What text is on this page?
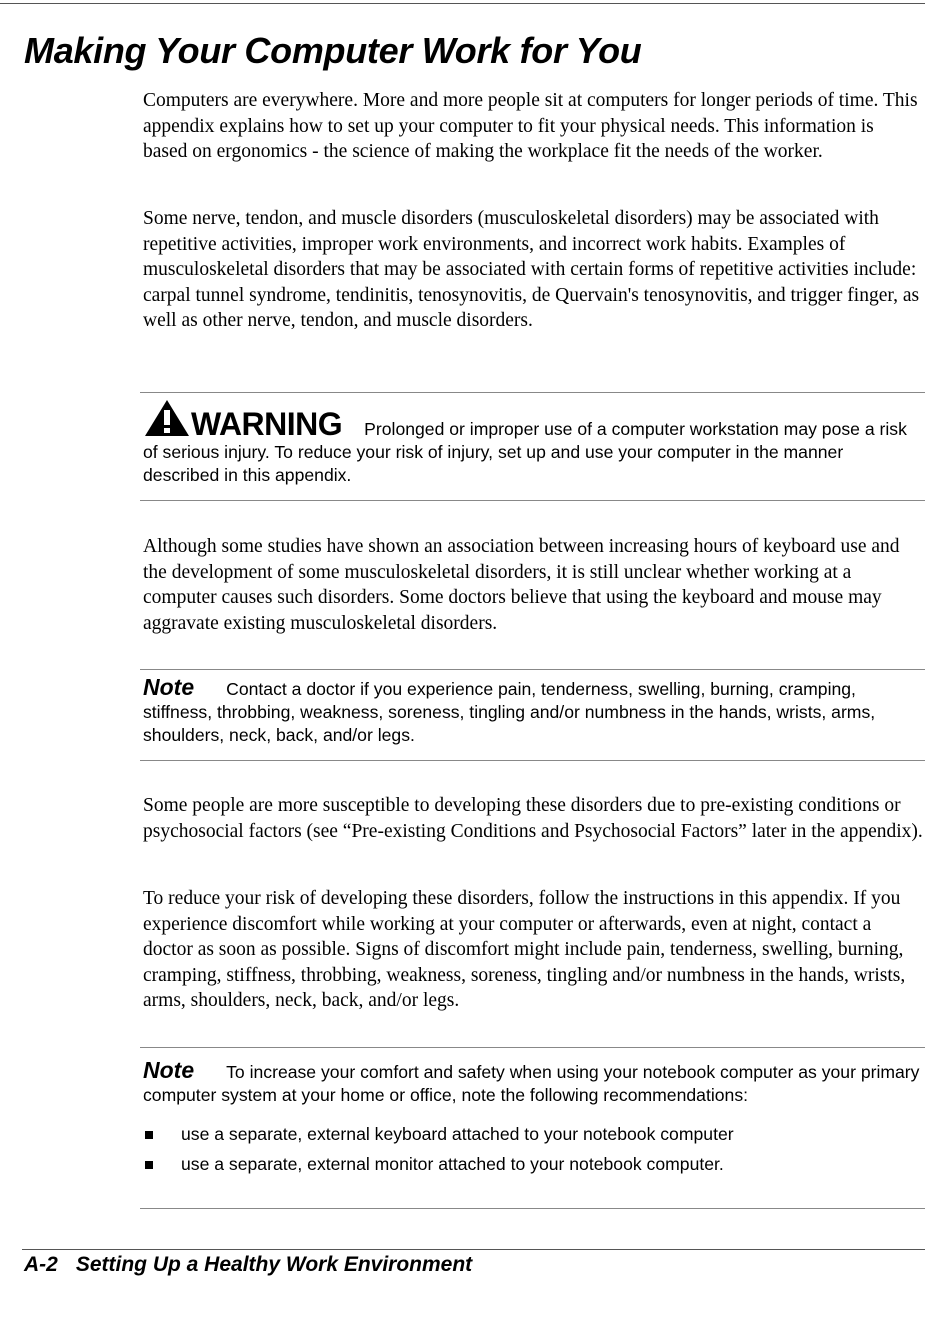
Making Your Computer Work for You

Computers are everywhere. More and more people sit at computers for longer periods of time. This appendix explains how to set up your computer to fit your physical needs. This information is based on ergonomics - the science of making the workplace fit the needs of the worker.

Some nerve, tendon, and muscle disorders (musculoskeletal disorders) may be associated with repetitive activities, improper work environments, and incorrect work habits. Examples of musculoskeletal disorders that may be associated with certain forms of repetitive activities include: carpal tunnel syndrome, tendinitis, tenosynovitis, de Quervain's tenosynovitis, and trigger finger, as well as other nerve, tendon, and muscle disorders.

WARNING Prolonged or improper use of a computer workstation may pose a risk of serious injury. To reduce your risk of injury, set up and use your computer in the manner described in this appendix.

Although some studies have shown an association between increasing hours of keyboard use and the development of some musculoskeletal disorders, it is still unclear whether working at a computer causes such disorders. Some doctors believe that using the keyboard and mouse may aggravate existing musculoskeletal disorders.

Note Contact a doctor if you experience pain, tenderness, swelling, burning, cramping, stiffness, throbbing, weakness, soreness, tingling and/or numbness in the hands, wrists, arms, shoulders, neck, back, and/or legs.

Some people are more susceptible to developing these disorders due to pre-existing conditions or psychosocial factors (see “Pre-existing Conditions and Psychosocial Factors” later in the appendix).

To reduce your risk of developing these disorders, follow the instructions in this appendix. If you experience discomfort while working at your computer or afterwards, even at night, contact a doctor as soon as possible. Signs of discomfort might include pain, tenderness, swelling, burning, cramping, stiffness, throbbing, weakness, soreness, tingling and/or numbness in the hands, wrists, arms, shoulders, neck, back, and/or legs.

Note To increase your comfort and safety when using your notebook computer as your primary computer system at your home or office, note the following recommendations:
use a separate, external keyboard attached to your notebook computer
use a separate, external monitor attached to your notebook computer.
A-2 Setting Up a Healthy Work Environment
